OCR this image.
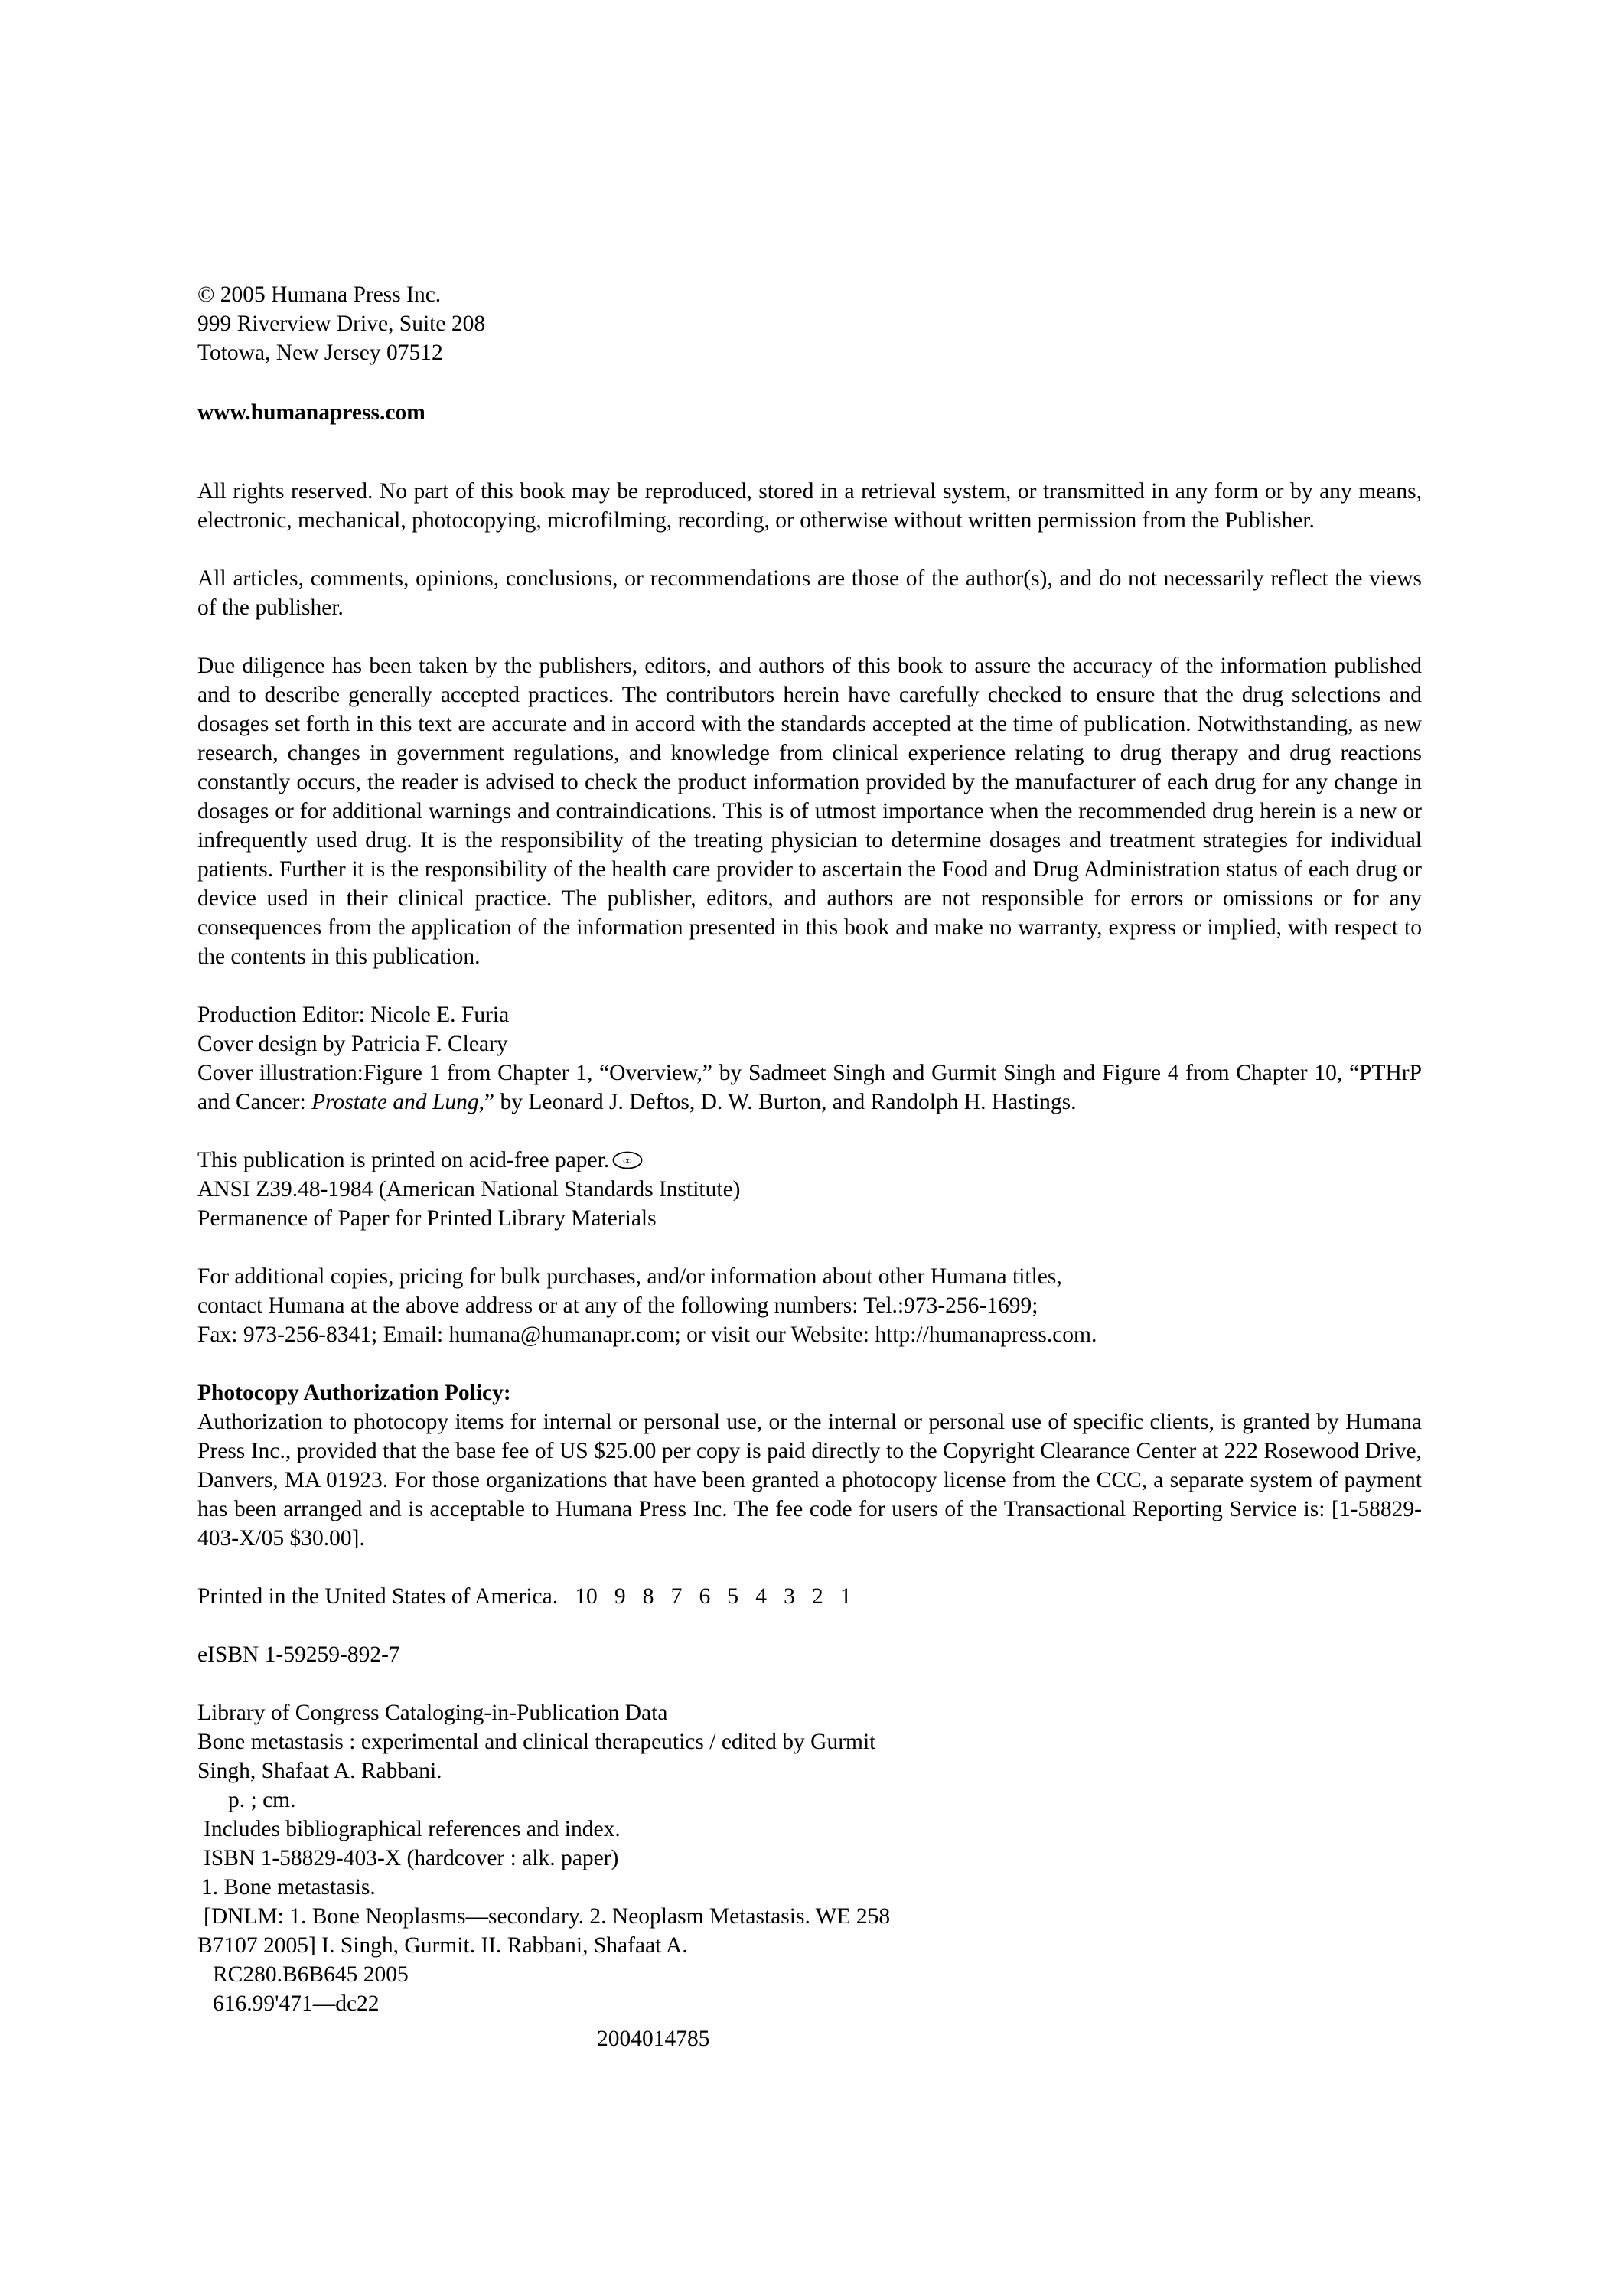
© 2005 Humana Press Inc.
999 Riverview Drive, Suite 208
Totowa, New Jersey 07512
www.humanapress.com

All rights reserved. No part of this book may be reproduced, stored in a retrieval system, or transmitted in any form or by any means, electronic, mechanical, photocopying, microfilming, recording, or otherwise without written permission from the Publisher.

All articles, comments, opinions, conclusions, or recommendations are those of the author(s), and do not necessarily reflect the views of the publisher.

Due diligence has been taken by the publishers, editors, and authors of this book to assure the accuracy of the information published and to describe generally accepted practices. The contributors herein have carefully checked to ensure that the drug selections and dosages set forth in this text are accurate and in accord with the standards accepted at the time of publication. Notwithstanding, as new research, changes in government regulations, and knowledge from clinical experience relating to drug therapy and drug reactions constantly occurs, the reader is advised to check the product information provided by the manufacturer of each drug for any change in dosages or for additional warnings and contraindications. This is of utmost importance when the recommended drug herein is a new or infrequently used drug. It is the responsibility of the treating physician to determine dosages and treatment strategies for individual patients. Further it is the responsibility of the health care provider to ascertain the Food and Drug Administration status of each drug or device used in their clinical practice. The publisher, editors, and authors are not responsible for errors or omissions or for any consequences from the application of the information presented in this book and make no warranty, express or implied, with respect to the contents in this publication.

Production Editor: Nicole E. Furia
Cover design by Patricia F. Cleary

Cover illustration:Figure 1 from Chapter 1, “Overview,” by Sadmeet Singh and Gurmit Singh and Figure 4 from Chapter 10, “PTHrP and Cancer: Prostate and Lung,” by Leonard J. Deftos, D. W. Burton, and Randolph H. Hastings.

This publication is printed on acid-free paper. ∞
ANSI Z39.48-1984 (American National Standards Institute)
Permanence of Paper for Printed Library Materials
For additional copies, pricing for bulk purchases, and/or information about other Humana titles,
contact Humana at the above address or at any of the following numbers: Tel.:973-256-1699;
Fax: 973-256-8341; Email: humana@humanapr.com; or visit our Website: http://humanapress.com.
Photocopy Authorization Policy:

Authorization to photocopy items for internal or personal use, or the internal or personal use of specific clients, is granted by Humana Press Inc., provided that the base fee of US $25.00 per copy is paid directly to the Copyright Clearance Center at 222 Rosewood Drive, Danvers, MA 01923. For those organizations that have been granted a photocopy license from the CCC, a separate system of payment has been arranged and is acceptable to Humana Press Inc. The fee code for users of the Transactional Reporting Service is: [1-58829-403-X/05 $30.00].

Printed in the United States of America. 10   9   8   7   6   5   4   3   2   1
eISBN 1-59259-892-7
Library of Congress Cataloging-in-Publication Data
Bone metastasis : experimental and clinical therapeutics / edited by Gurmit
Singh, Shafaat A. Rabbani.
p. ; cm.
Includes bibliographical references and index.
ISBN 1-58829-403-X (hardcover : alk. paper)
1. Bone metastasis.
[DNLM: 1. Bone Neoplasms—secondary. 2. Neoplasm Metastasis. WE 258
B7107 2005] I. Singh, Gurmit. II. Rabbani, Shafaat A.
RC280.B6B645 2005
616.99'471—dc22
2004014785
